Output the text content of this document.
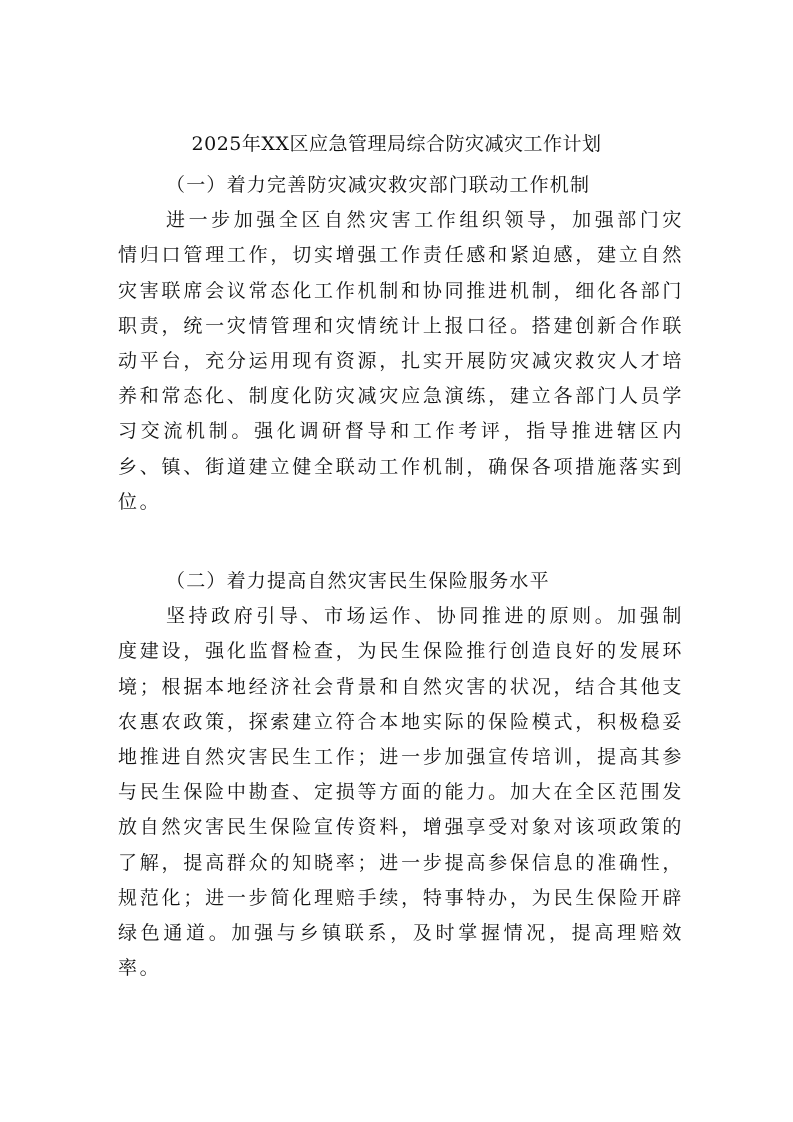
2025年XX区应急管理局综合防灾减灾工作计划
（一）着力完善防灾减灾救灾部门联动工作机制

进一步加强全区自然灾害工作组织领导，加强部门灾情归口管理工作，切实增强工作责任感和紧迫感，建立自然灾害联席会议常态化工作机制和协同推进机制，细化各部门职责，统一灾情管理和灾情统计上报口径。搭建创新合作联动平台，充分运用现有资源，扎实开展防灾减灾救灾人才培养和常态化、制度化防灾减灾应急演练，建立各部门人员学习交流机制。强化调研督导和工作考评，指导推进辖区内乡、镇、街道建立健全联动工作机制，确保各项措施落实到位。

（二）着力提高自然灾害民生保险服务水平

坚持政府引导、市场运作、协同推进的原则。加强制度建设，强化监督检查，为民生保险推行创造良好的发展环境；根据本地经济社会背景和自然灾害的状况，结合其他支农惠农政策，探索建立符合本地实际的保险模式，积极稳妥地推进自然灾害民生工作；进一步加强宣传培训，提高其参与民生保险中勘查、定损等方面的能力。加大在全区范围发放自然灾害民生保险宣传资料，增强享受对象对该项政策的了解，提高群众的知晓率；进一步提高参保信息的准确性，规范化；进一步简化理赔手续，特事特办，为民生保险开辟绿色通道。加强与乡镇联系，及时掌握情况，提高理赔效率。
